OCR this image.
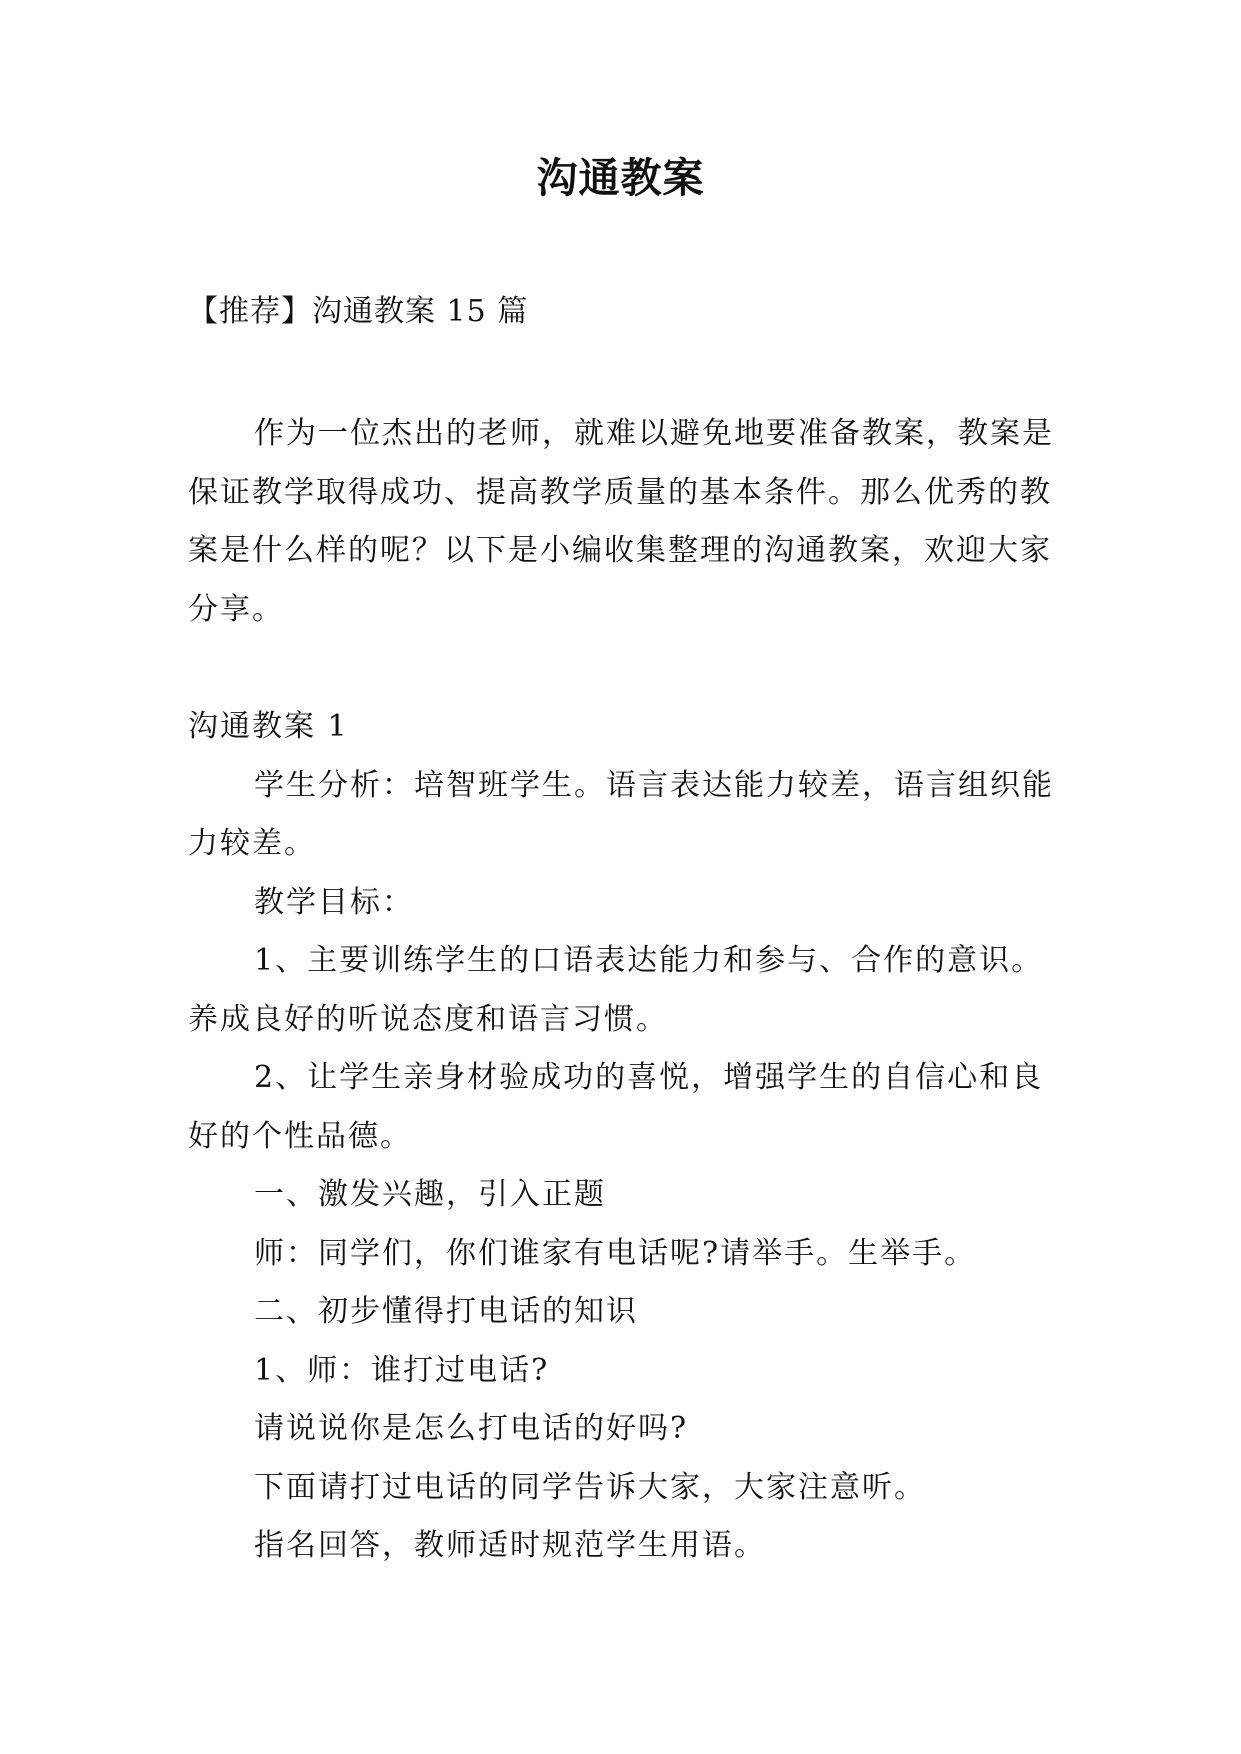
沟通教案
【推荐】沟通教案 15 篇

作为一位杰出的老师，就难以避免地要准备教案，教案是保证教学取得成功、提高教学质量的基本条件。那么优秀的教案是什么样的呢？以下是小编收集整理的沟通教案，欢迎大家分享。

沟通教案 1

学生分析：培智班学生。语言表达能力较差，语言组织能力较差。

教学目标：

1、主要训练学生的口语表达能力和参与、合作的意识。养成良好的听说态度和语言习惯。

2、让学生亲身材验成功的喜悦，增强学生的自信心和良好的个性品德。

一、激发兴趣，引入正题

师：同学们，你们谁家有电话呢?请举手。生举手。

二、初步懂得打电话的知识

1、师：谁打过电话?

请说说你是怎么打电话的好吗?

下面请打过电话的同学告诉大家，大家注意听。

指名回答，教师适时规范学生用语。
